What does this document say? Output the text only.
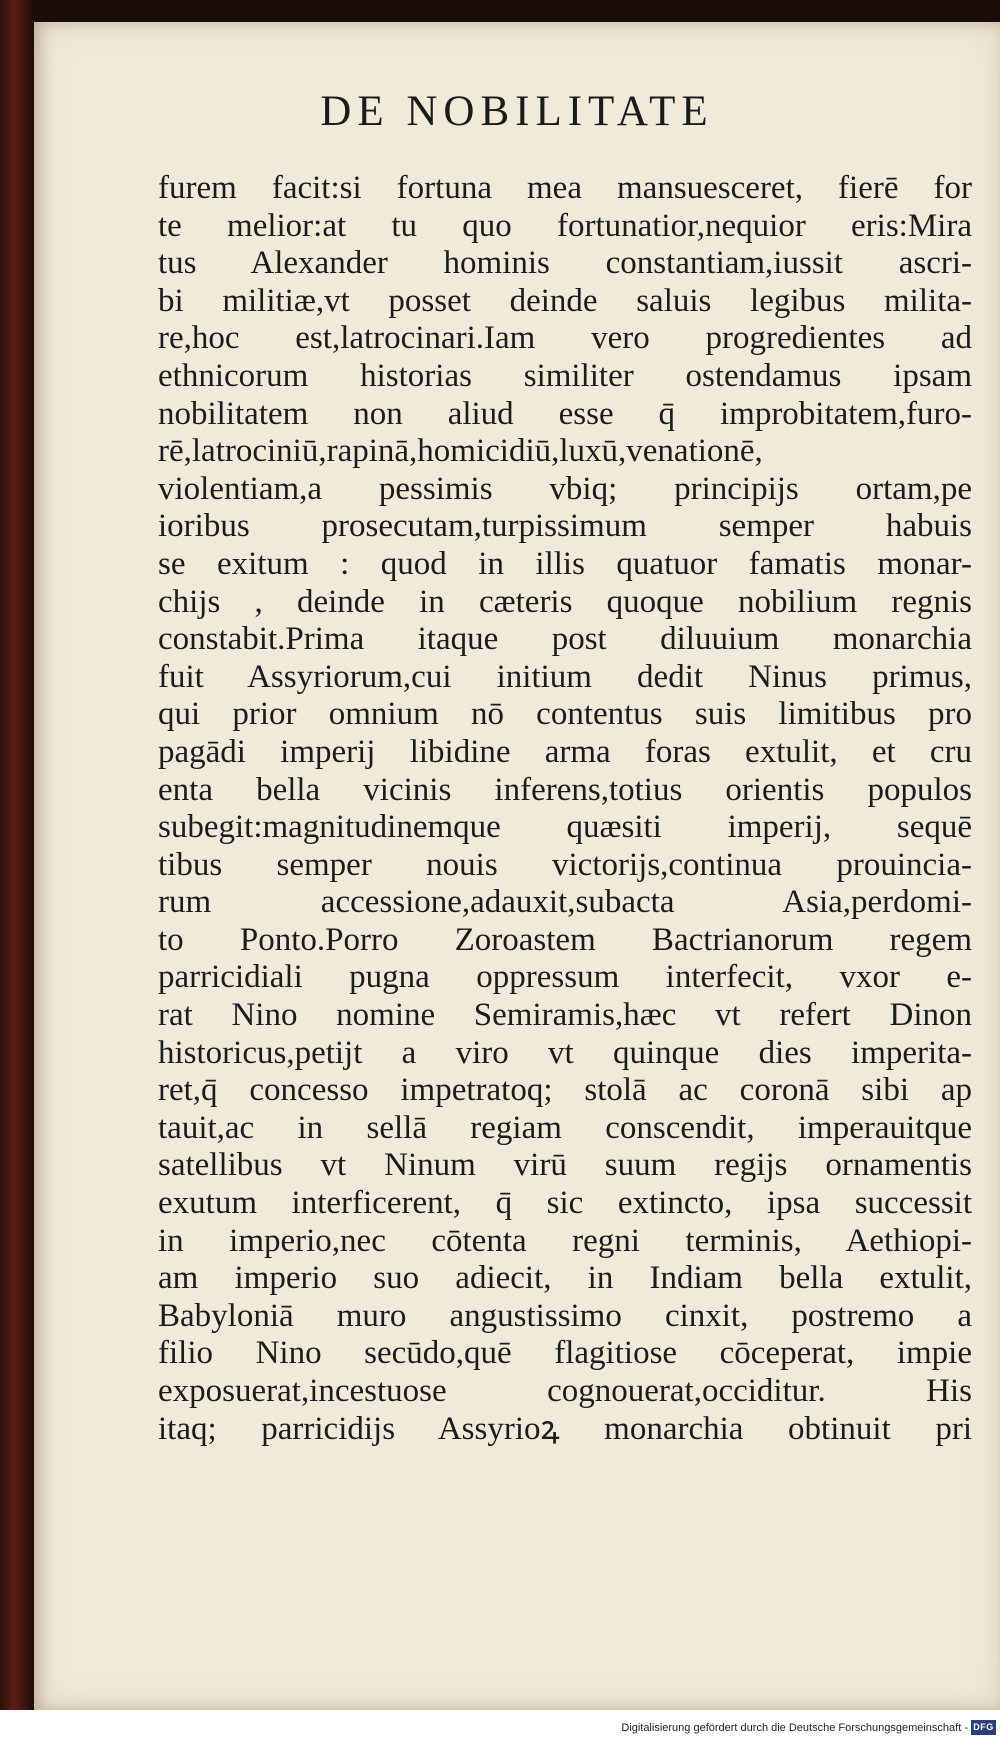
DE NOBILITATE
furem facit:si fortuna mea mansuesceret, fierē for
te melior:at tu quo fortunatior,nequior eris:Mira
tus Alexander hominis constantiam,iussit ascri-
bi militiæ,vt posset deinde saluis legibus milita-
re,hoc est,latrocinari.Iam vero progredientes ad
ethnicorum historias similiter ostendamus ipsam
nobilitatem non aliud esse q̄ improbitatem,furo-
rē,latrociniū,rapinā,homicidiū,luxū,venationē,
violentiam,a pessimis vbiq; principijs ortam,pe
ioribus prosecutam,turpissimum semper habuis
se exitum : quod in illis quatuor famatis monar-
chijs , deinde in cæteris quoque nobilium regnis
constabit.Prima itaque post diluuium monarchia
fuit Assyriorum,cui initium dedit Ninus primus,
qui prior omnium nō contentus suis limitibus pro
pagādi imperij libidine arma foras extulit, et cru
enta bella vicinis inferens,totius orientis populos
subegit:magnitudinemque quæsiti imperij, sequē
tibus semper nouis victorijs,continua prouincia-
rum accessione,adauxit,subacta Asia,perdomi-
to Ponto.Porro Zoroastem Bactrianorum regem
parricidiali pugna oppressum interfecit, vxor e-
rat Nino nomine Semiramis,hæc vt refert Dinon
historicus,petijt a viro vt quinque dies imperita-
ret,q̄ concesso impetratoq; stolā ac coronā sibi ap
tauit,ac in sellā regiam conscendit, imperauitque
satellibus vt Ninum virū suum regijs ornamentis
exutum interficerent, q̄ sic extincto, ipsa successit
in imperio,nec cōtenta regni terminis, Aethiopi-
am imperio suo adiecit, in Indiam bella extulit,
Babyloniā muro angustissimo cinxit, postremo a
filio Nino secūdo,quē flagitiose cōceperat, impie
exposuerat,incestuose cognouerat,occiditur. His
itaq; parricidijs Assyrioꝝ monarchia obtinuit pri
Digitalisierung gefördert durch die Deutsche Forschungsgemeinschaft - DFG
